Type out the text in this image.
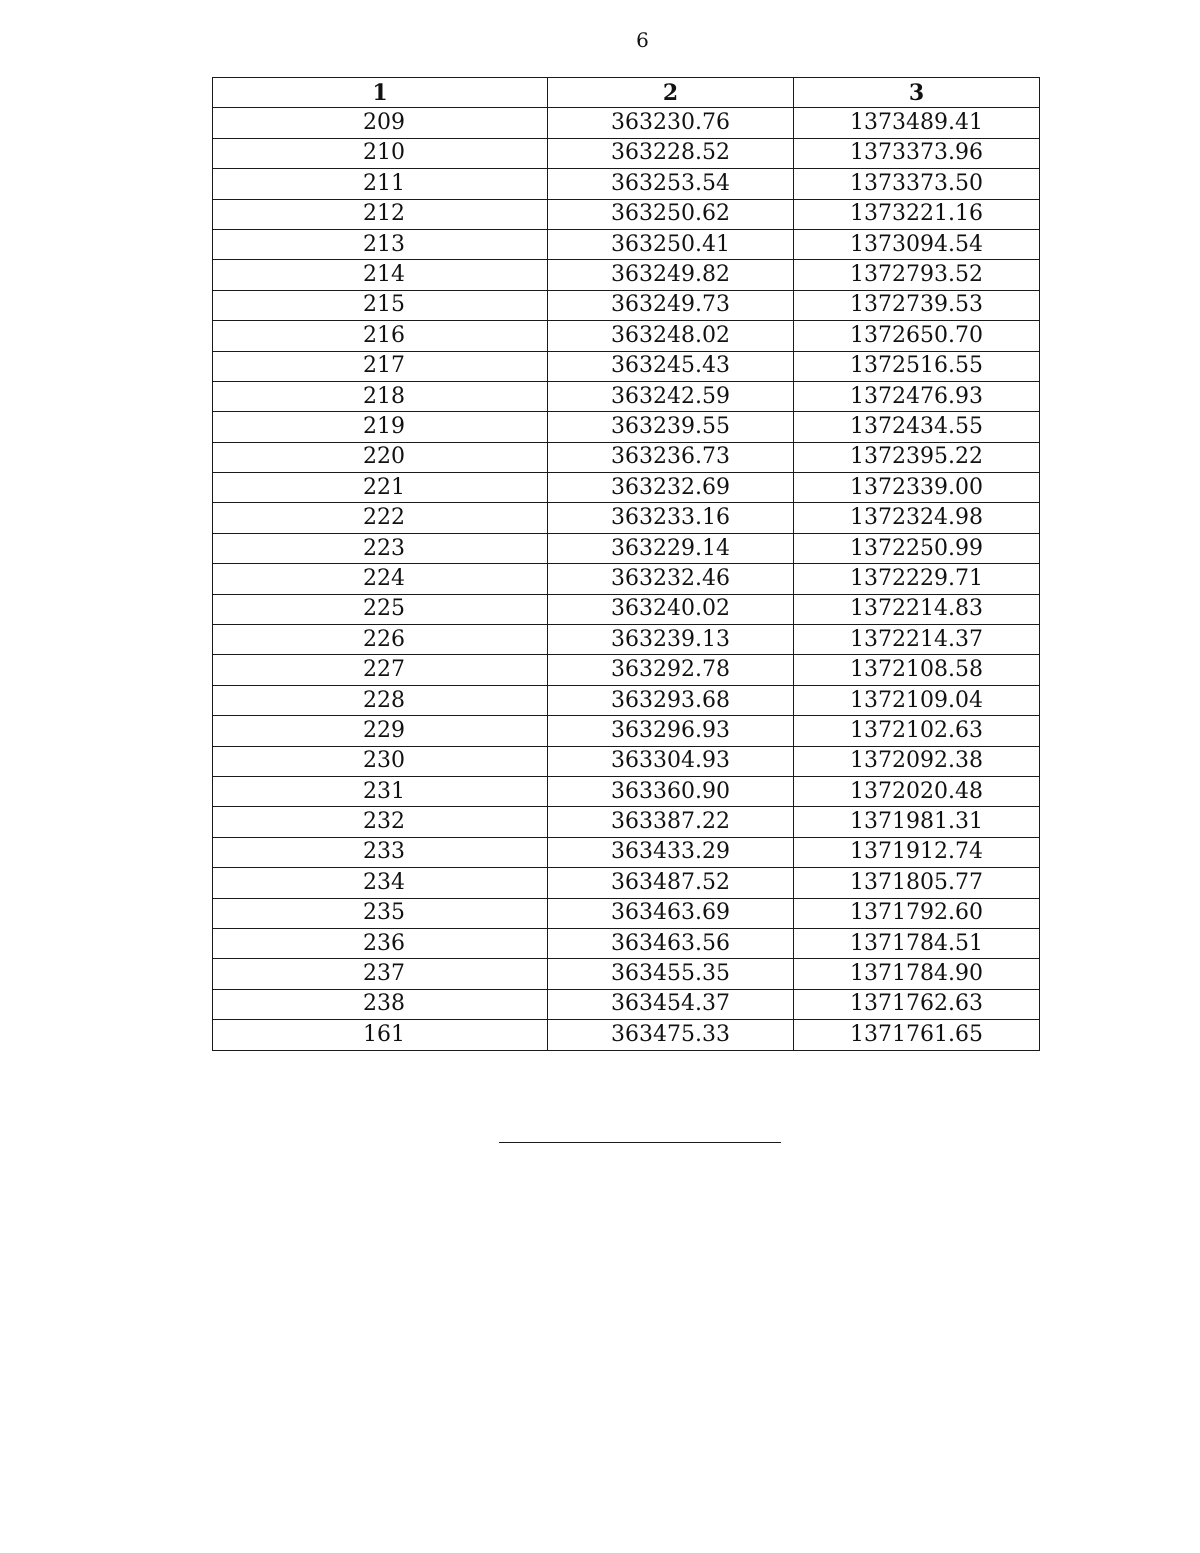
6
1	2	3
209	363230.76	1373489.41
210	363228.52	1373373.96
211	363253.54	1373373.50
212	363250.62	1373221.16
213	363250.41	1373094.54
214	363249.82	1372793.52
215	363249.73	1372739.53
216	363248.02	1372650.70
217	363245.43	1372516.55
218	363242.59	1372476.93
219	363239.55	1372434.55
220	363236.73	1372395.22
221	363232.69	1372339.00
222	363233.16	1372324.98
223	363229.14	1372250.99
224	363232.46	1372229.71
225	363240.02	1372214.83
226	363239.13	1372214.37
227	363292.78	1372108.58
228	363293.68	1372109.04
229	363296.93	1372102.63
230	363304.93	1372092.38
231	363360.90	1372020.48
232	363387.22	1371981.31
233	363433.29	1371912.74
234	363487.52	1371805.77
235	363463.69	1371792.60
236	363463.56	1371784.51
237	363455.35	1371784.90
238	363454.37	1371762.63
161	363475.33	1371761.65
